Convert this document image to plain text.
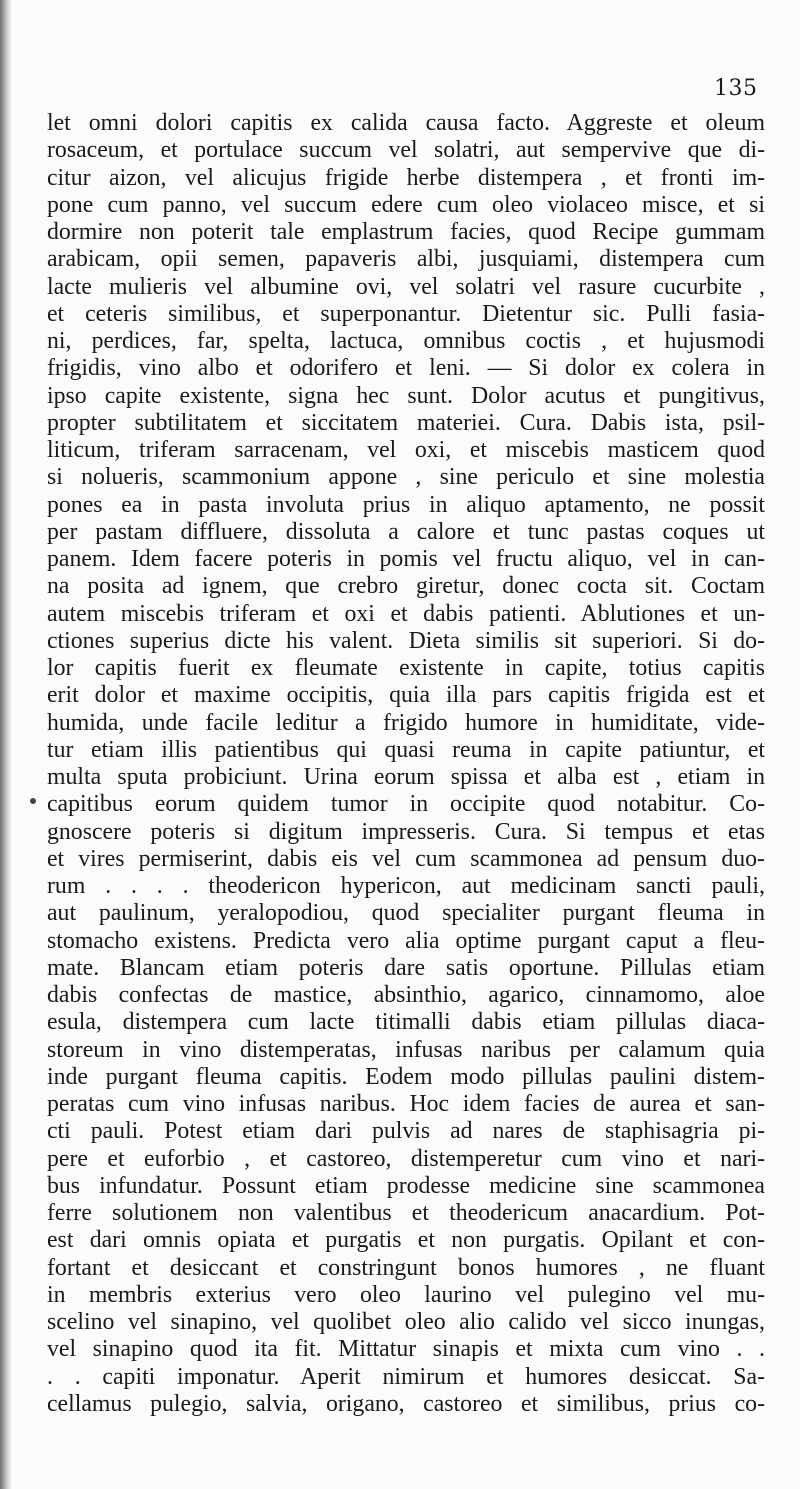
135
let omni dolori capitis ex calida causa facto. Aggreste et oleum
rosaceum, et portulace succum vel solatri, aut sempervive que di-
citur aizon, vel alicujus frigide herbe distempera , et fronti im-
pone cum panno, vel succum edere cum oleo violaceo misce, et si
dormire non poterit tale emplastrum facies, quod Recipe gummam
arabicam, opii semen, papaveris albi, jusquiami, distempera cum
lacte mulieris vel albumine ovi, vel solatri vel rasure cucurbite ,
et ceteris similibus, et superponantur. Dietentur sic. Pulli fasia-
ni, perdices, far, spelta, lactuca, omnibus coctis , et hujusmodi
frigidis, vino albo et odorifero et leni. — Si dolor ex colera in
ipso capite existente, signa hec sunt. Dolor acutus et pungitivus,
propter subtilitatem et siccitatem materiei. Cura. Dabis ista, psil-
liticum, triferam sarracenam, vel oxi, et miscebis masticem quod
si nolueris, scammonium appone , sine periculo et sine molestia
pones ea in pasta involuta prius in aliquo aptamento, ne possit
per pastam diffluere, dissoluta a calore et tunc pastas coques ut
panem. Idem facere poteris in pomis vel fructu aliquo, vel in can-
na posita ad ignem, que crebro giretur, donec cocta sit. Coctam
autem miscebis triferam et oxi et dabis patienti. Ablutiones et un-
ctiones superius dicte his valent. Dieta similis sit superiori. Si do-
lor capitis fuerit ex fleumate existente in capite, totius capitis
erit dolor et maxime occipitis, quia illa pars capitis frigida est et
humida, unde facile leditur a frigido humore in humiditate, vide-
tur etiam illis patientibus qui quasi reuma in capite patiuntur, et
multa sputa probiciunt. Urina eorum spissa et alba est , etiam in
capitibus eorum quidem tumor in occipite quod notabitur. Co-
gnoscere poteris si digitum impresseris. Cura. Si tempus et etas
et vires permiserint, dabis eis vel cum scammonea ad pensum duo-
rum . . . . theodericon hypericon, aut medicinam sancti pauli,
aut paulinum, yeralopodiou, quod specialiter purgant fleuma in
stomacho existens. Predicta vero alia optime purgant caput a fleu-
mate. Blancam etiam poteris dare satis oportune. Pillulas etiam
dabis confectas de mastice, absinthio, agarico, cinnamomo, aloe
esula, distempera cum lacte titimalli dabis etiam pillulas diaca-
storeum in vino distemperatas, infusas naribus per calamum quia
inde purgant fleuma capitis. Eodem modo pillulas paulini distem-
peratas cum vino infusas naribus. Hoc idem facies de aurea et san-
cti pauli. Potest etiam dari pulvis ad nares de staphisagria pi-
pere et euforbio , et castoreo, distemperetur cum vino et nari-
bus infundatur. Possunt etiam prodesse medicine sine scammonea
ferre solutionem non valentibus et theodericum anacardium. Pot-
est dari omnis opiata et purgatis et non purgatis. Opilant et con-
fortant et desiccant et constringunt bonos humores , ne fluant
in membris exterius vero oleo laurino vel pulegino vel mu-
scelino vel sinapino, vel quolibet oleo alio calido vel sicco inungas,
vel sinapino quod ita fit. Mittatur sinapis et mixta cum vino . .
. . capiti imponatur. Aperit nimirum et humores desiccat. Sa-
cellamus pulegio, salvia, origano, castoreo et similibus, prius co-
